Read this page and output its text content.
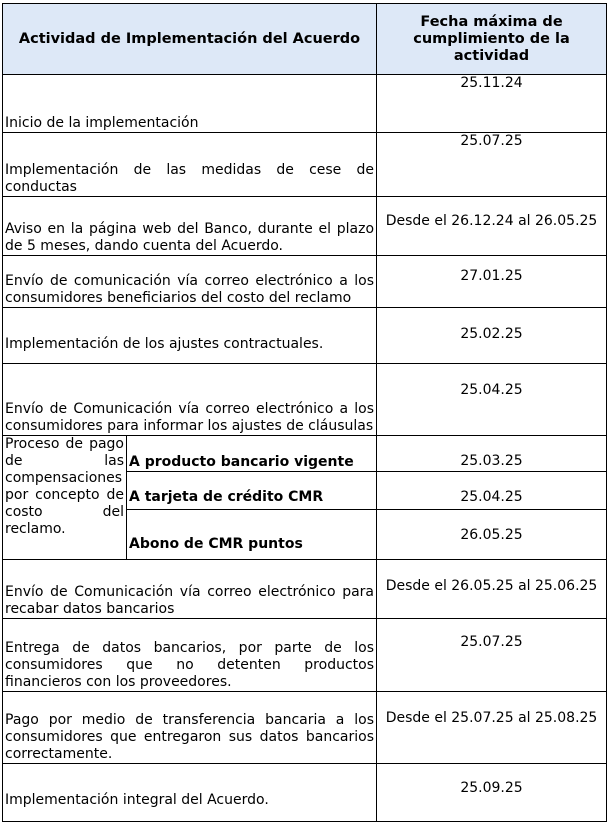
Actividad de Implementación del Acuerdo		Fecha máxima de cumplimiento de la actividad
Inicio de la implementación		25.11.24
Implementación de las medidas de cese de conductas		25.07.25
Aviso en la página web del Banco, durante el plazo de 5 meses, dando cuenta del Acuerdo.		Desde el 26.12.24 al 26.05.25
Envío de comunicación vía correo electrónico a los consumidores beneficiarios del costo del reclamo		27.01.25
Implementación de los ajustes contractuales.		25.02.25
Envío de Comunicación vía correo electrónico a los consumidores para informar los ajustes de cláusulas		25.04.25
Proceso de pago de las compensaciones por concepto de costo del reclamo.	A producto bancario vigente	25.03.25
	A tarjeta de crédito CMR	25.04.25
	Abono de CMR puntos	26.05.25
Envío de Comunicación vía correo electrónico para recabar datos bancarios		Desde el 26.05.25 al 25.06.25
Entrega de datos bancarios, por parte de los consumidores que no detenten productos financieros con los proveedores.		25.07.25
Pago por medio de transferencia bancaria a los consumidores que entregaron sus datos bancarios correctamente.		Desde el 25.07.25 al 25.08.25
Implementación integral del Acuerdo.		25.09.25
